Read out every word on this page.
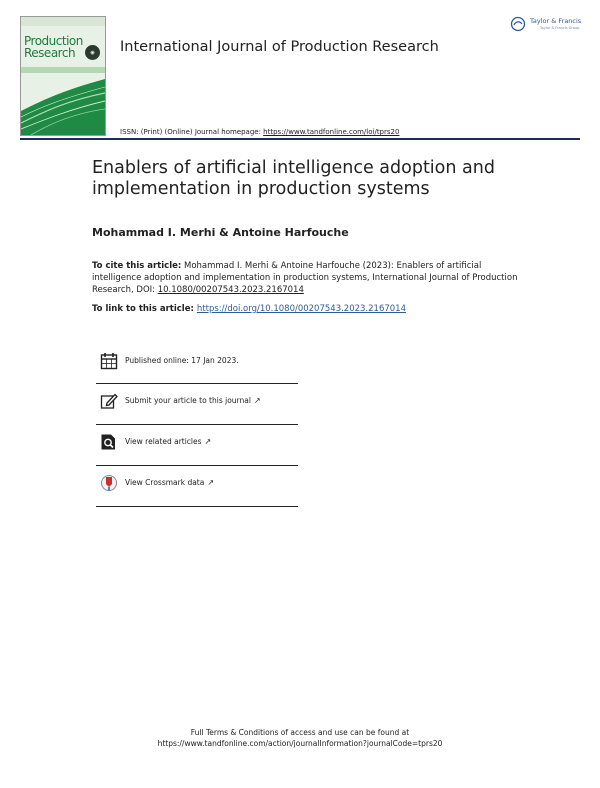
Production Research	◉	International Journal of Production Research
Taylor & Francis
Taylor & Francis Group
ISSN: (Print) (Online) Journal homepage: https://www.tandfonline.com/loi/tprs20
Enablers of artificial intelligence adoption and implementation in production systems
Mohammad I. Merhi & Antoine Harfouche
To cite this article: Mohammad I. Merhi & Antoine Harfouche (2023): Enablers of artificial intelligence adoption and implementation in production systems, International Journal of Production Research, DOI: 10.1080/00207543.2023.2167014
To link to this article: https://doi.org/10.1080/00207543.2023.2167014
Published online: 17 Jan 2023.
Submit your article to this journal ↗
View related articles ↗
View Crossmark data ↗
Full Terms & Conditions of access and use can be found at
https://www.tandfonline.com/action/journalInformation?journalCode=tprs20
